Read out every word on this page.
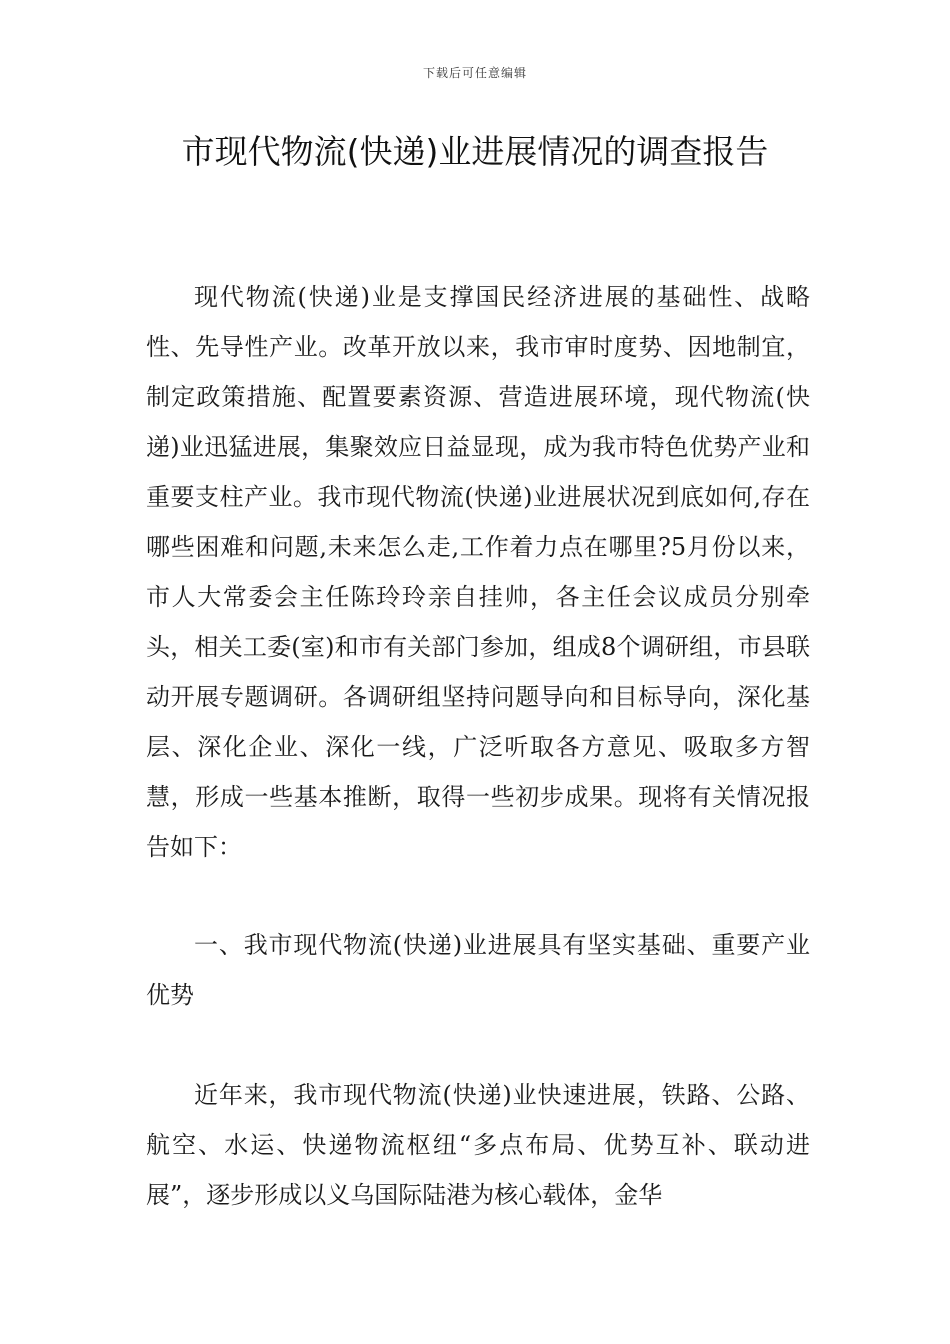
下载后可任意编辑
市现代物流(快递)业进展情况的调查报告

现代物流(快递)业是支撑国民经济进展的基础性、战略性、先导性产业。改革开放以来，我市审时度势、因地制宜，制定政策措施、配置要素资源、营造进展环境，现代物流(快递)业迅猛进展，集聚效应日益显现，成为我市特色优势产业和重要支柱产业。我市现代物流(快递)业进展状况到底如何,存在哪些困难和问题,未来怎么走,工作着力点在哪里?5月份以来，市人大常委会主任陈玲玲亲自挂帅，各主任会议成员分别牵头，相关工委(室)和市有关部门参加，组成8个调研组，市县联动开展专题调研。各调研组坚持问题导向和目标导向，深化基层、深化企业、深化一线，广泛听取各方意见、吸取多方智慧，形成一些基本推断，取得一些初步成果。现将有关情况报告如下：

一、我市现代物流(快递)业进展具有坚实基础、重要产业优势

近年来，我市现代物流(快递)业快速进展，铁路、公路、航空、水运、快递物流枢纽“多点布局、优势互补、联动进展”，逐步形成以义乌国际陆港为核心载体，金华
